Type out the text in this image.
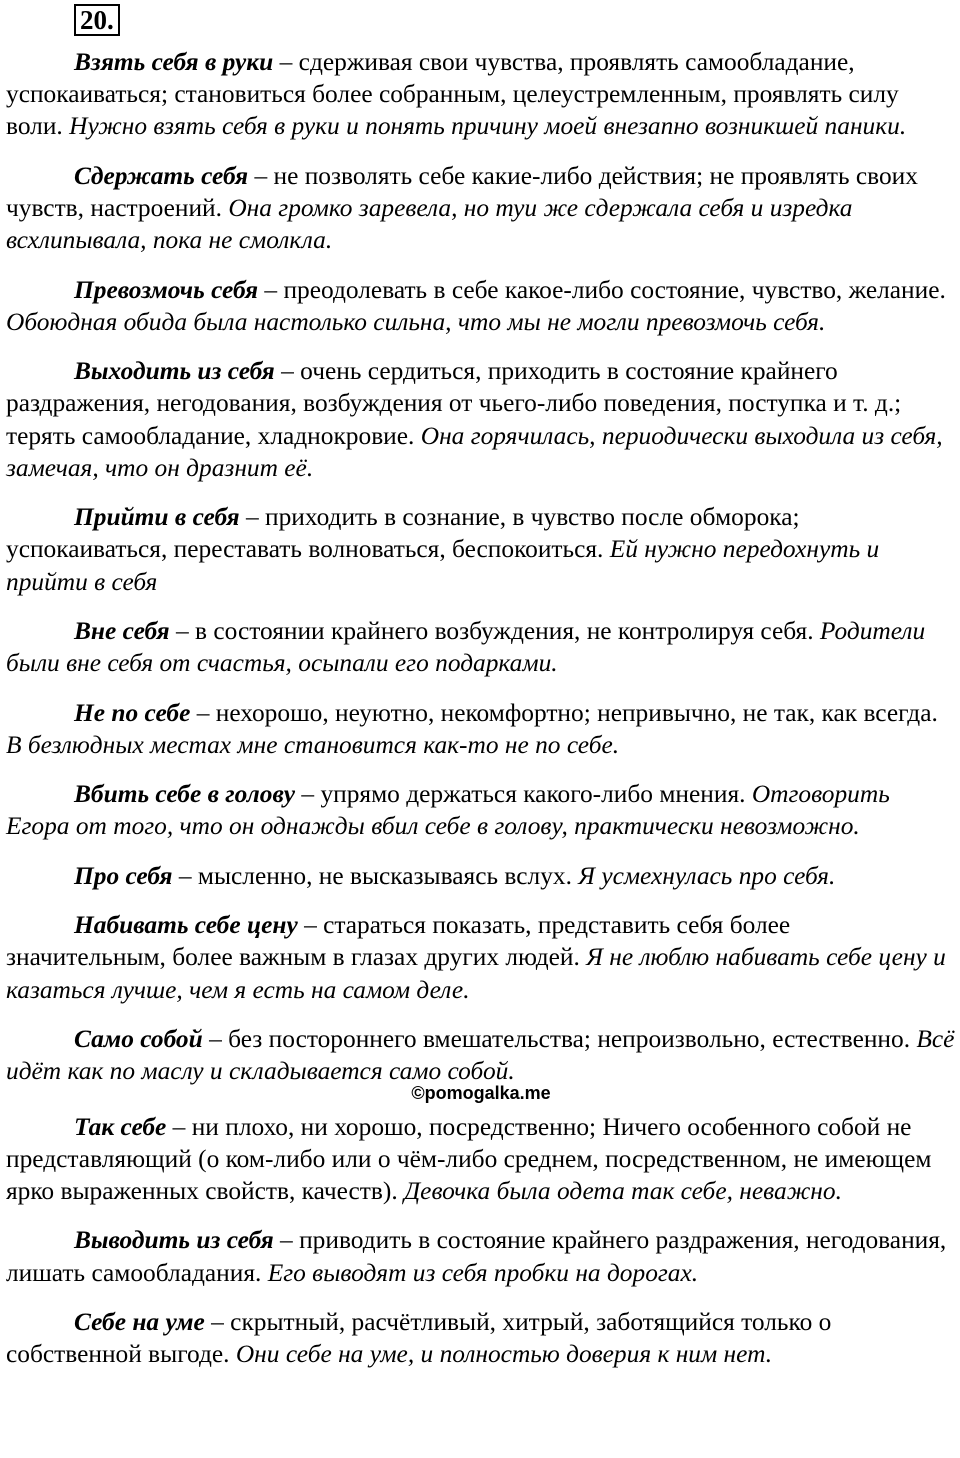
20.

Взять себя в руки – сдерживая свои чувства, проявлять самообладание, успокаиваться; становиться более собранным, целеустремленным, проявлять силу воли. Нужно взять себя в руки и понять причину моей внезапно возникшей паники.

Сдержать себя – не позволять себе какие-либо действия; не проявлять своих чувств, настроений. Она громко заревела, но туи же сдержала себя и изредка всхлипывала, пока не смолкла.

Превозмочь себя – преодолевать в себе какое-либо состояние, чувство, желание. Обоюдная обида была настолько сильна, что мы не могли превозмочь себя.

Выходить из себя – очень сердиться, приходить в состояние крайнего раздражения, негодования, возбуждения от чьего-либо поведения, поступка и т. д.; терять самообладание, хладнокровие. Она горячилась, периодически выходила из себя, замечая, что он дразнит её.

Прийти в себя – приходить в сознание, в чувство после обморока; успокаиваться, переставать волноваться, беспокоиться. Ей нужно передохнуть и прийти в себя

Вне себя – в состоянии крайнего возбуждения, не контролируя себя. Родители были вне себя от счастья, осыпали его подарками.

Не по себе – нехорошо, неуютно, некомфортно; непривычно, не так, как всегда. В безлюдных местах мне становится как-то не по себе.

Вбить себе в голову – упрямо держаться какого-либо мнения. Отговорить Егора от того, что он однажды вбил себе в голову, практически невозможно.

Про себя – мысленно, не высказываясь вслух. Я усмехнулась про себя.

Набивать себе цену – стараться показать, представить себя более значительным, более важным в глазах других людей. Я не люблю набивать себе цену и казаться лучше, чем я есть на самом деле.

Само собой – без постороннего вмешательства; непроизвольно, естественно. Всё идёт как по маслу и складывается само собой.

©pomogalka.me

Так себе – ни плохо, ни хорошо, посредственно; Ничего особенного собой не представляющий (о ком-либо или о чём-либо среднем, посредственном, не имеющем ярко выраженных свойств, качеств). Девочка была одета так себе, неважно.

Выводить из себя – приводить в состояние крайнего раздражения, негодования, лишать самообладания. Его выводят из себя пробки на дорогах.

Себе на уме – скрытный, расчётливый, хитрый, заботящийся только о собственной выгоде. Они себе на уме, и полностью доверия к ним нет.
